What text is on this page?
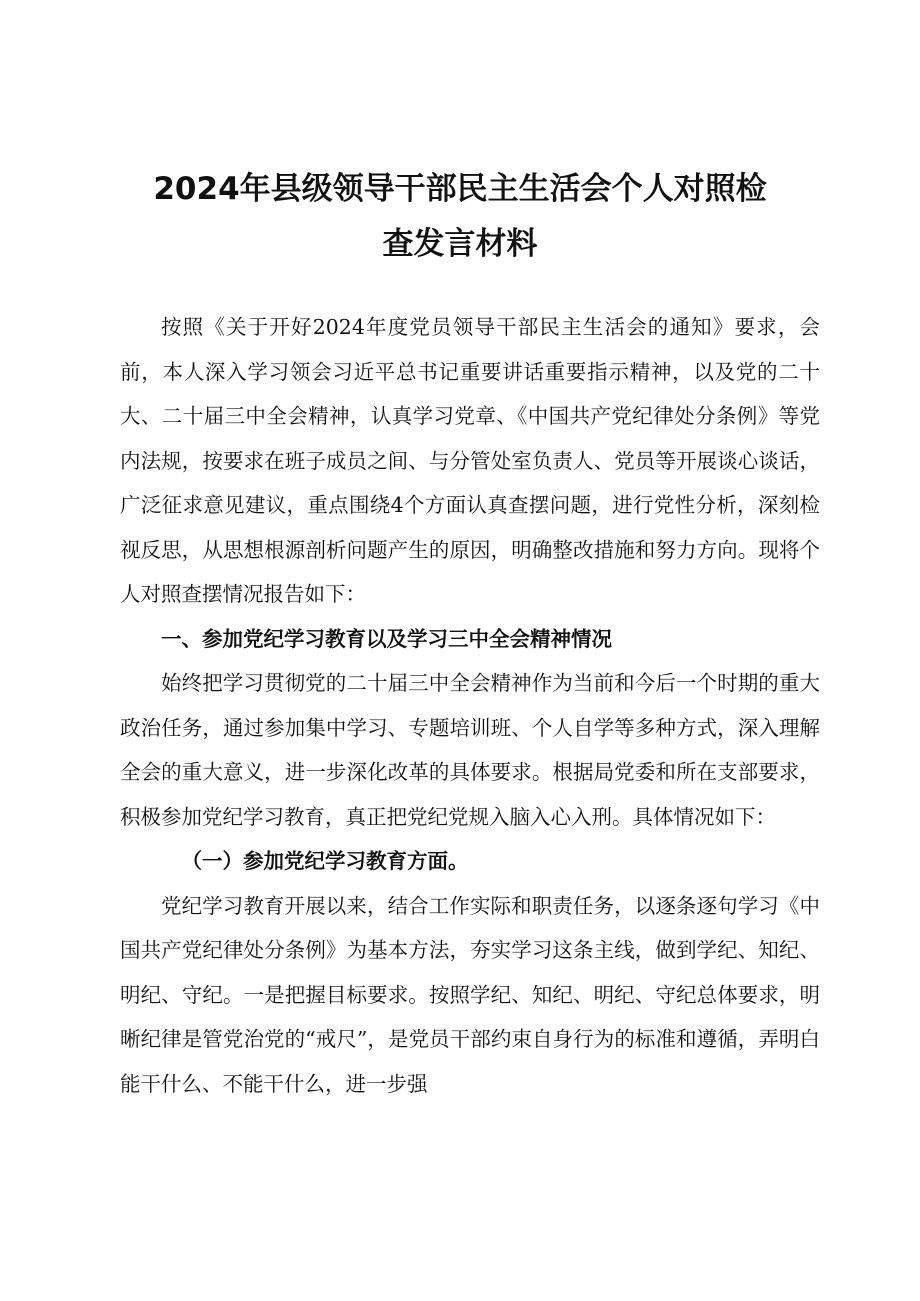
2024年县级领导干部民主生活会个人对照检
查发言材料

按照《关于开好2024年度党员领导干部民主生活会的通知》要求，会前，本人深入学习领会习近平总书记重要讲话重要指示精神，以及党的二十大、二十届三中全会精神，认真学习党章、《中国共产党纪律处分条例》等党内法规，按要求在班子成员之间、与分管处室负责人、党员等开展谈心谈话，广泛征求意见建议，重点围绕4个方面认真查摆问题，进行党性分析，深刻检视反思，从思想根源剖析问题产生的原因，明确整改措施和努力方向。现将个人对照查摆情况报告如下：

一、参加党纪学习教育以及学习三中全会精神情况

始终把学习贯彻党的二十届三中全会精神作为当前和今后一个时期的重大政治任务，通过参加集中学习、专题培训班、个人自学等多种方式，深入理解全会的重大意义，进一步深化改革的具体要求。根据局党委和所在支部要求，积极参加党纪学习教育，真正把党纪党规入脑入心入刑。具体情况如下：

（一）参加党纪学习教育方面。

党纪学习教育开展以来，结合工作实际和职责任务，以逐条逐句学习《中国共产党纪律处分条例》为基本方法，夯实学习这条主线，做到学纪、知纪、明纪、守纪。一是把握目标要求。按照学纪、知纪、明纪、守纪总体要求，明晰纪律是管党治党的“戒尺”，是党员干部约束自身行为的标准和遵循，弄明白能干什么、不能干什么，进一步强
